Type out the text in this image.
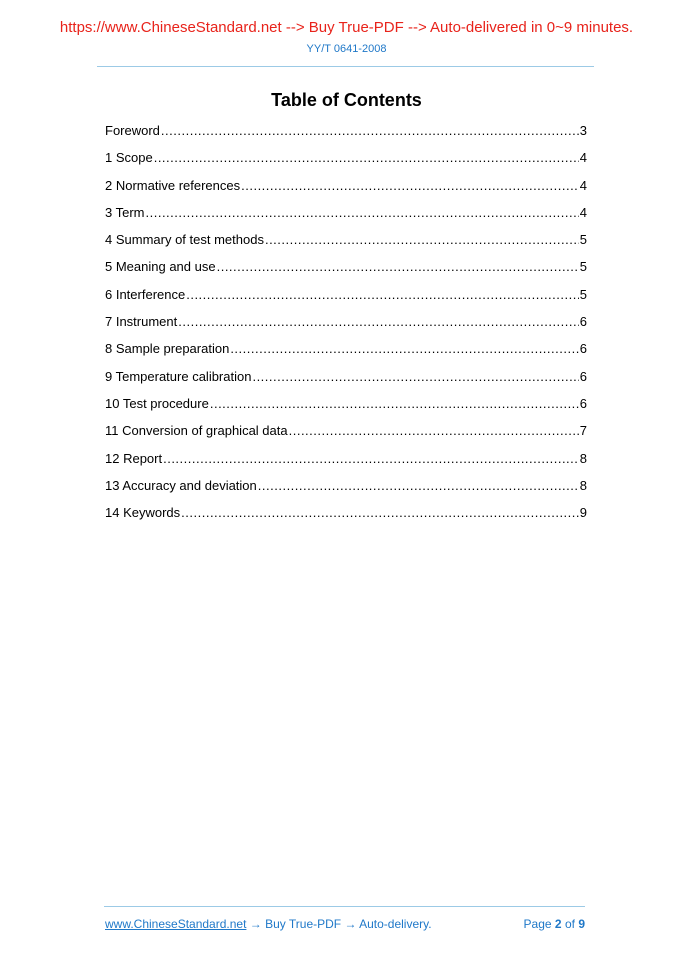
https://www.ChineseStandard.net --> Buy True-PDF --> Auto-delivered in 0~9 minutes.
YY/T 0641-2008
Table of Contents
Foreword .....	3
1 Scope .....	4
2 Normative references .....	4
3 Term .....	4
4 Summary of test methods .....	5
5 Meaning and use .....	5
6 Interference .....	5
7 Instrument .....	6
8 Sample preparation .....	6
9 Temperature calibration .....	6
10 Test procedure .....	6
11 Conversion of graphical data .....	7
12 Report .....	8
13 Accuracy and deviation .....	8
14 Keywords .....	9
www.ChineseStandard.net → Buy True-PDF → Auto-delivery.	Page 2 of 9
